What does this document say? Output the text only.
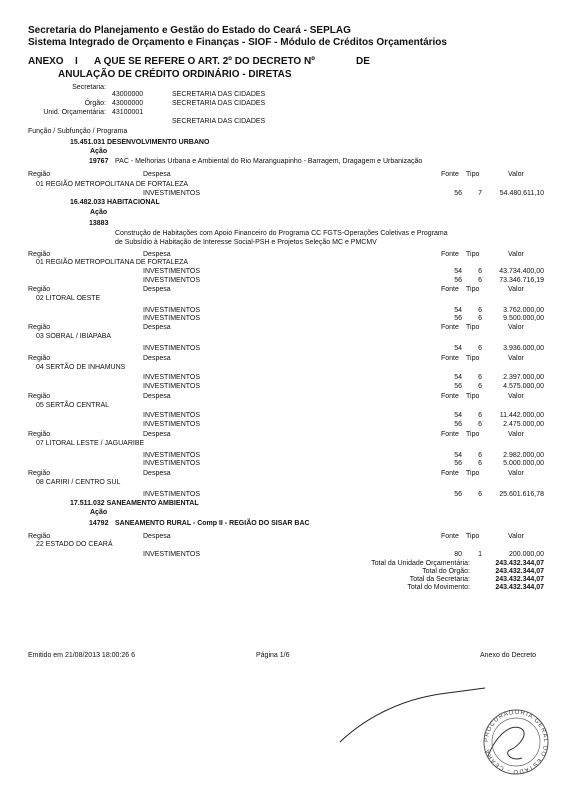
Secretaria do Planejamento e Gestão do Estado do Ceará - SEPLAG
Sistema Integrado de Orçamento e Finanças - SIOF - Módulo de Créditos Orçamentários
ANEXO I A QUE SE REFERE O ART. 2º DO DECRETO Nº	DE
ANULAÇÃO DE CRÉDITO ORDINÁRIO - DIRETAS
Secretaria:
43000000	SECRETARIA DAS CIDADES
Órgão: 43000000	SECRETARIA DAS CIDADES
Unid. Orçamentária: 43100001
SECRETARIA DAS CIDADES
Função / Subfunção / Programa
15.451.031 DESENVOLVIMENTO URBANO
Ação
19767 PAC - Melhorias Urbana e Ambiental do Rio Maranguapinho - Barragem, Dragagem e Urbanização
Região	Despesa	Fonte Tipo	Valor
01 REGIÃO METROPOLITANA DE FORTALEZA
INVESTIMENTOS	56	7	54.480.611,10
16.482.033 HABITACIONAL
Ação
13883
Construção de Habitações com Apoio Financeiro do Programa CC FGTS-Operações Coletivas e Programa
de Subsídio à Habitação de Interesse Social-PSH e Projetos Seleção MC e PMCMV
Região	Despesa	Fonte Tipo	Valor
01 REGIÃO METROPOLITANA DE FORTALEZA
INVESTIMENTOS	54	6	43.734.400,00
INVESTIMENTOS	56	6	73.346.716,19
Região	Despesa	Fonte Tipo	Valor
02 LITORAL OESTE
INVESTIMENTOS	54	6	3.762.000,00
INVESTIMENTOS	56	6	9.500.000,00
Região	Despesa	Fonte Tipo	Valor
03 SOBRAL / IBIAPABA
INVESTIMENTOS	54	6	3.936.000,00
Região	Despesa	Fonte Tipo	Valor
04 SERTÃO DE INHAMUNS
INVESTIMENTOS	54	6	2.397.000,00
INVESTIMENTOS	56	6	4.575.000,00
Região	Despesa	Fonte Tipo	Valor
05 SERTÃO CENTRAL
INVESTIMENTOS	54	6	11.442.000,00
INVESTIMENTOS	56	6	2.475.000,00
Região	Despesa	Fonte Tipo	Valor
07 LITORAL LESTE / JAGUARIBE
INVESTIMENTOS	54	6	2.982.000,00
INVESTIMENTOS	56	6	5.000.000,00
Região	Despesa	Fonte Tipo	Valor
08 CARIRI / CENTRO SUL
INVESTIMENTOS	56	6	25.601.616,78
17.511.032 SANEAMENTO AMBIENTAL
Ação
14792 SANEAMENTO RURAL - Comp II - REGIÃO DO SISAR BAC
Região	Despesa	Fonte Tipo	Valor
22 ESTADO DO CEARÁ
INVESTIMENTOS	80	1	200.000,00
Total da Unidade Orçamentária:	243.432.344,07
Total do Órgão:	243.432.344,07
Total da Secretaria:	243.432.344,07
Total do Movimento:	243.432.344,07
Emitido em 21/08/2013 18:00:26 6	Página 1/6	Anexo do Decreto
PROCURADORIA GERAL DO ESTADO - CEARÁ
